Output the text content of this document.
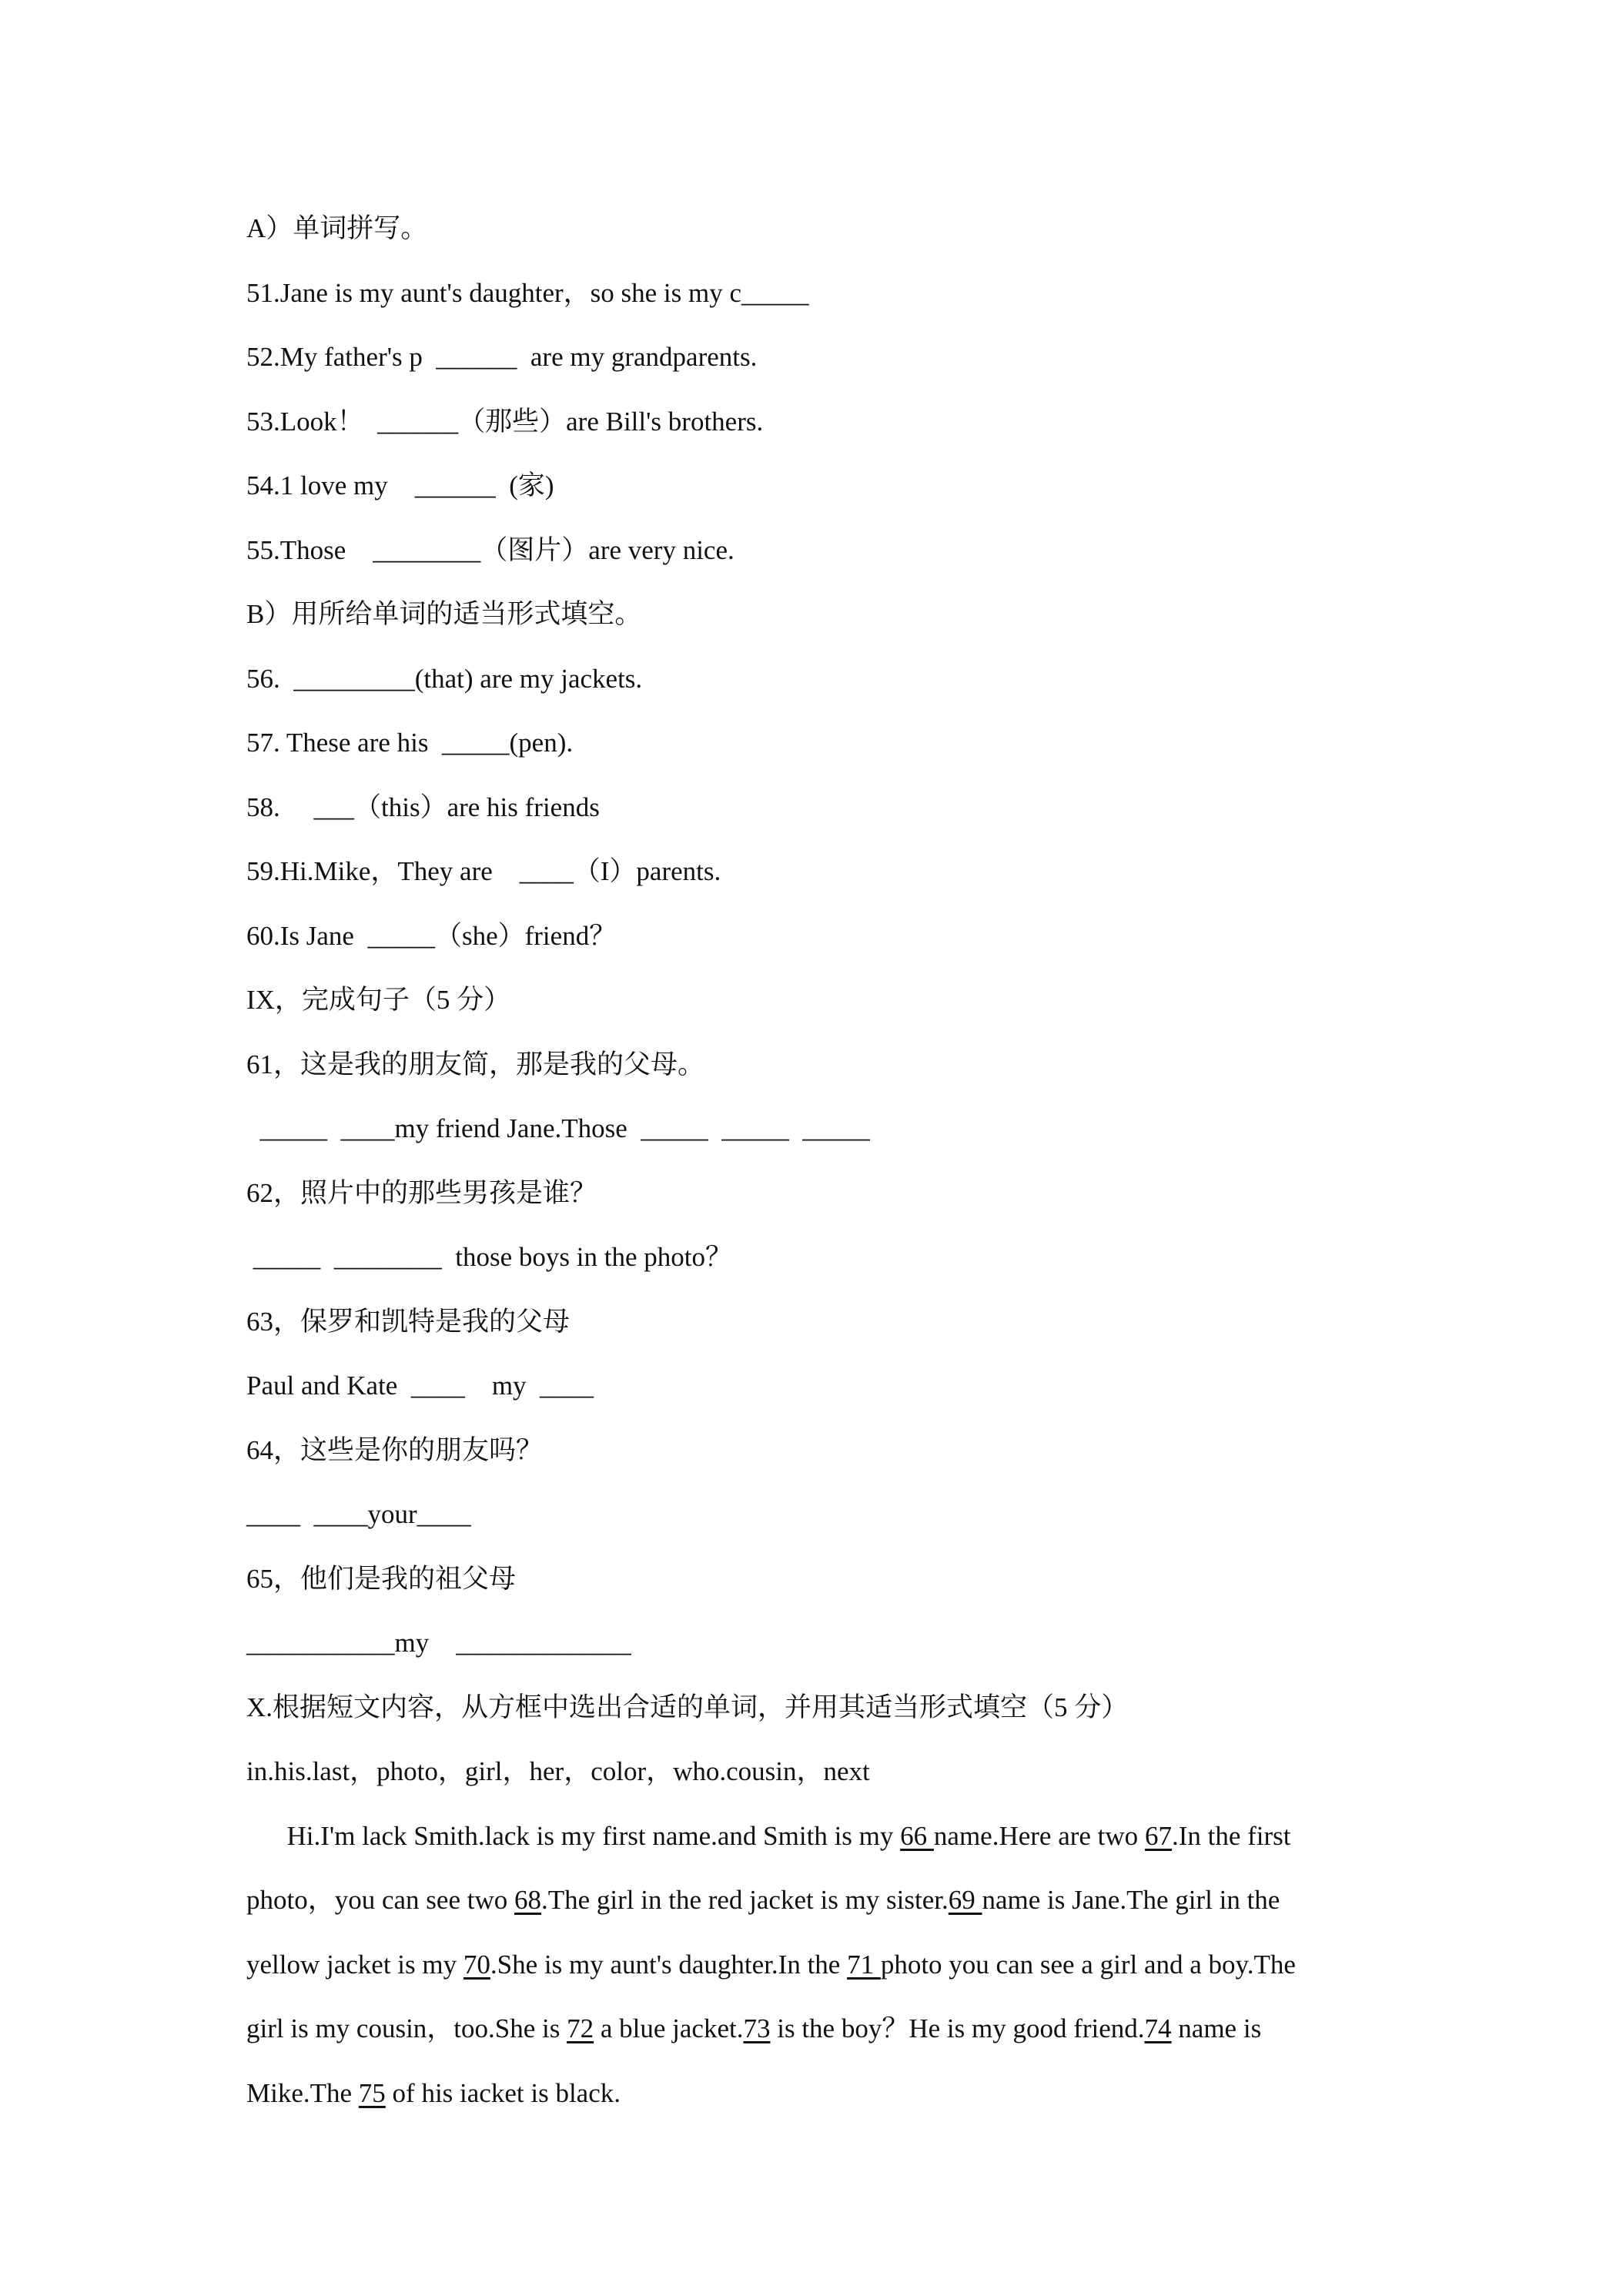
A）单词拼写。
51.Jane is my aunt's daughter，so she is my c_____
52.My father's p  ______  are my grandparents.
53.Look！  ______（那些）are Bill's brothers.
54.1 love my    ______  (家)
55.Those    ________（图片）are very nice.
B）用所给单词的适当形式填空。
56.  _________(that) are my jackets.
57. These are his  _____(pen).
58.     ___（this）are his friends
59.Hi.Mike，They are    ____（I）parents.
60.Is Jane  _____（she）friend？
IX，完成句子（5 分）
61，这是我的朋友简，那是我的父母。
_____  ____my friend Jane.Those  _____  _____  _____
62，照片中的那些男孩是谁？
_____  ________  those boys in the photo？
63，保罗和凯特是我的父母
Paul and Kate  ____    my  ____
64，这些是你的朋友吗？
____  ____your____
65，他们是我的祖父母
___________my    _____________
X.根据短文内容，从方框中选出合适的单词，并用其适当形式填空（5 分）
in.his.last，photo，girl，her，color，who.cousin，next
Hi.I'm lack Smith.lack is my first name.and Smith is my 66 name.Here are two 67.In the first
photo，you can see two 68.The girl in the red jacket is my sister.69 name is Jane.The girl in the
yellow jacket is my 70.She is my aunt's daughter.In the 71 photo you can see a girl and a boy.The
girl is my cousin，too.She is 72 a blue jacket.73 is the boy？He is my good friend.74 name is
Mike.The 75 of his iacket is black.
